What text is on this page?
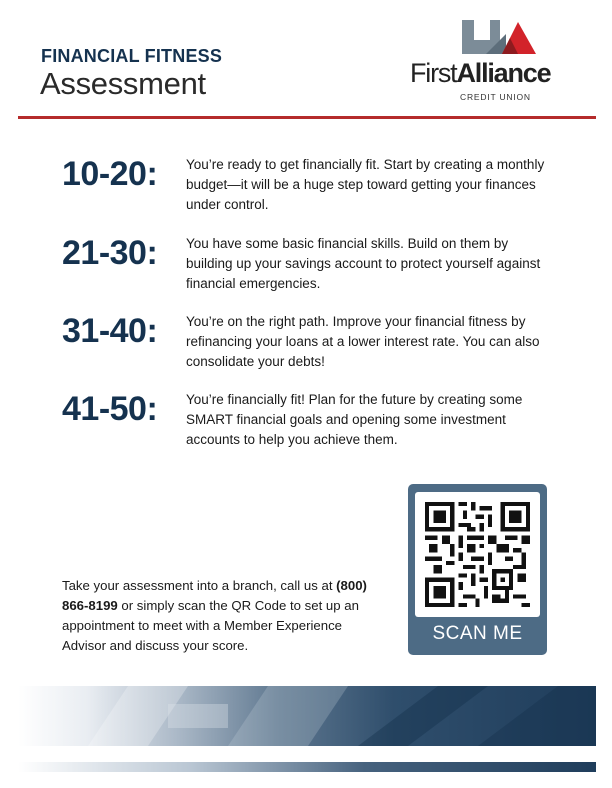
FINANCIAL FITNESS
Assessment	FirstAlliance
CREDIT UNION
10-20: You’re ready to get financially fit. Start by creating a monthly budget—it will be a huge step toward getting your finances under control.
21-30: You have some basic financial skills. Build on them by building up your savings account to protect yourself against financial emergencies.
31-40: You’re on the right path. Improve your financial fitness by refinancing your loans at a lower interest rate. You can also consolidate your debts!
41-50: You’re financially fit! Plan for the future by creating some SMART financial goals and opening some investment accounts to help you achieve them.
Take your assessment into a branch, call us at (800) 866-8199 or simply scan the QR Code to set up an appointment to meet with a Member Experience Advisor and discuss your score.
SCAN ME
